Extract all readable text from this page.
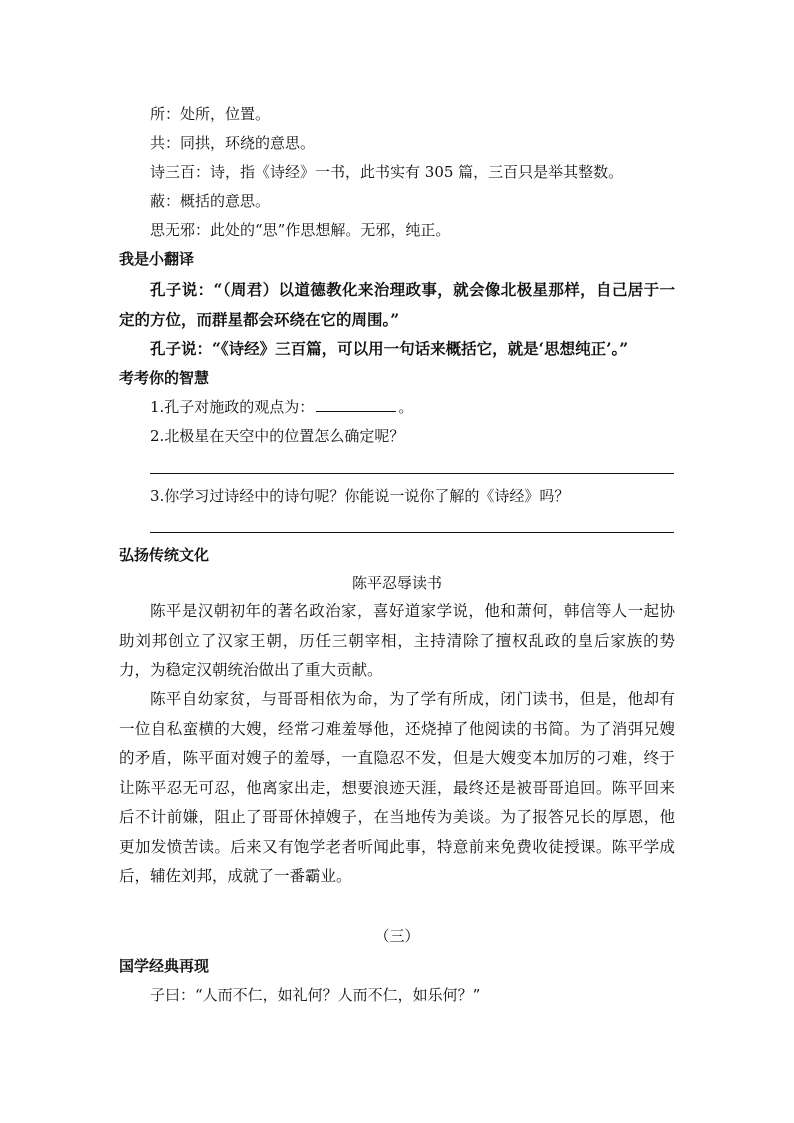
所：处所，位置。
共：同拱，环绕的意思。
诗三百：诗，指《诗经》一书，此书实有 305 篇，三百只是举其整数。
蔽：概括的意思。
思无邪：此处的“思”作思想解。无邪，纯正。
我是小翻译
孔子说：“（周君）以道德教化来治理政事，就会像北极星那样，自己居于一定的方位，而群星都会环绕在它的周围。”
孔子说：“《诗经》三百篇，可以用一句话来概括它，就是‘思想纯正’。”
考考你的智慧
1.孔子对施政的观点为：	。
2.北极星在天空中的位置怎么确定呢？
3.你学习过诗经中的诗句呢？你能说一说你了解的《诗经》吗？
弘扬传统文化
陈平忍辱读书
陈平是汉朝初年的著名政治家，喜好道家学说，他和萧何，韩信等人一起协助刘邦创立了汉家王朝，历任三朝宰相，主持清除了擅权乱政的皇后家族的势力，为稳定汉朝统治做出了重大贡献。
陈平自幼家贫，与哥哥相依为命，为了学有所成，闭门读书，但是，他却有一位自私蛮横的大嫂，经常刁难羞辱他，还烧掉了他阅读的书简。为了消弭兄嫂的矛盾，陈平面对嫂子的羞辱，一直隐忍不发，但是大嫂变本加厉的刁难，终于让陈平忍无可忍，他离家出走，想要浪迹天涯，最终还是被哥哥追回。陈平回来后不计前嫌，阻止了哥哥休掉嫂子，在当地传为美谈。为了报答兄长的厚恩，他更加发愤苦读。后来又有饱学老者听闻此事，特意前来免费收徒授课。陈平学成后，辅佐刘邦，成就了一番霸业。
（三）
国学经典再现
子曰：“人而不仁，如礼何？人而不仁，如乐何？”
